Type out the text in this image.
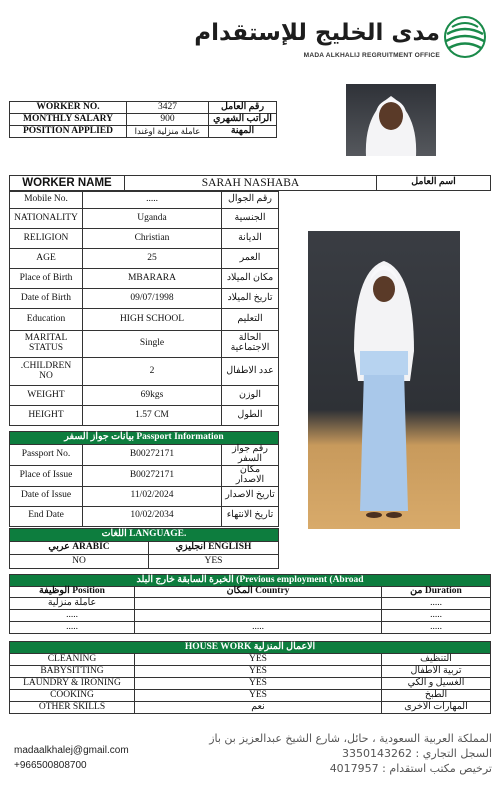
مدى الخليج للإستقدام
MADA ALKHALIJ REGRUITMENT OFFICE
WORKER NO.	3427	رقم العامل
MONTHLY SALARY	900	الراتب الشهري
POSITION APPLIED	عاملة منزلية اوغندا	المهنة
WORKER NAME	SARAH NASHABA	اسم العامل
Mobile No.	.....	رقم الجوال
NATIONALITY	Uganda	الجنسية
RELIGION	Christian	الديانة
AGE	25	العمر
Place of Birth	MBARARA	مكان الميلاد
Date of Birth	09/07/1998	تاريخ الميلاد
Education	HIGH SCHOOL	التعليم
MARITAL STATUS	Single	الحالة الاجتماعية
.CHILDREN NO	2	عدد الاطفال
WEIGHT	69kgs	الوزن
HEIGHT	1.57 CM	الطول
بيانات جواز السفر Passport Information		
Passport No.	B00272171	رقم جواز السفر
Place of Issue	B00272171	مكان الاصدار
Date of Issue	11/02/2024	تاريخ الاصدار
End Date	10/02/2034	تاريخ الانتهاء
اللغات LANGUAGE.	
عربي ARABIC	انجليزي ENGLISH
NO	YES
الخبرة السابقة خارج البلد (Previous employment (Abroad		
الوظيفة Position	المكان Country	من Duration
عاملة منزلية		.....
.....		.....
.....	.....	.....
HOUSE WORK الاعمال المنزلية		
CLEANING	YES	التنظيف
BABYSITTING	YES	تربية الاطفال
LAUNDRY & IRONING	YES	الغسيل و الكي
COOKING	YES	الطبخ
OTHER SKILLS	نعم	المهارات الاخرى
madaalkhalej@gmail.com
+966500808700
المملكة العربية السعودية ، حائل، شارع الشيخ عبدالعزيز بن باز
السجل التجاري : 3350143262
ترخيص مكتب استقدام : 4017957
